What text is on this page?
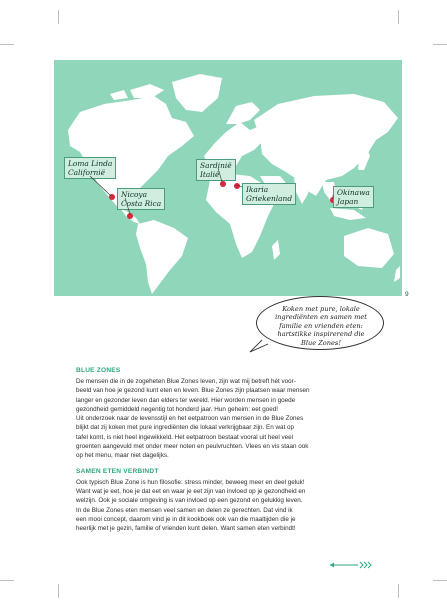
Loma Linda
Californië
Nicoya
Costa Rica
Sardinië
Italië
Ikaria
Griekenland
Okinawa
Japan
9
Koken met pure, lokale
ingrediënten en samen met
familie en vrienden eten:
hartstikke inspirerend die
Blue Zones!
BLUE ZONES

De mensen die in de zogeheten Blue Zones leven, zijn wat mij betreft hét voor-

beeld van hoe je gezond kunt eten en leven. Blue Zones zijn plaatsen waar mensen

langer en gezonder leven dan elders ter wereld. Hier worden mensen in goede

gezondheid gemiddeld negentig tot honderd jaar. Hun geheim: eet goed!

Uit onderzoek naar de levensstijl en het eetpatroon van mensen in de Blue Zones

blijkt dat zij koken met pure ingrediënten die lokaal verkrijgbaar zijn. En wat op

tafel komt, is niet heel ingewikkeld. Het eetpatroon bestaat vooral uit heel veel

groenten aangevuld met onder meer noten en peulvruchten. Vlees en vis staan ook

op het menu, maar niet dagelijks.

SAMEN ETEN VERBINDT

Ook typisch Blue Zone is hun filosofie: stress minder, beweeg meer en deel geluk!

Want wat je eet, hoe je dat eet en waar je eet zijn van invloed op je gezondheid en

welzijn. Ook je sociale omgeving is van invloed op een gezond en gelukkig leven.

In de Blue Zones eten mensen veel samen en delen ze gerechten. Dat vind ik

een mooi concept, daarom vind je in dit kookboek ook van die maaltijden die je

heerlijk met je gezin, familie of vrienden kunt delen. Want samen eten verbindt!
